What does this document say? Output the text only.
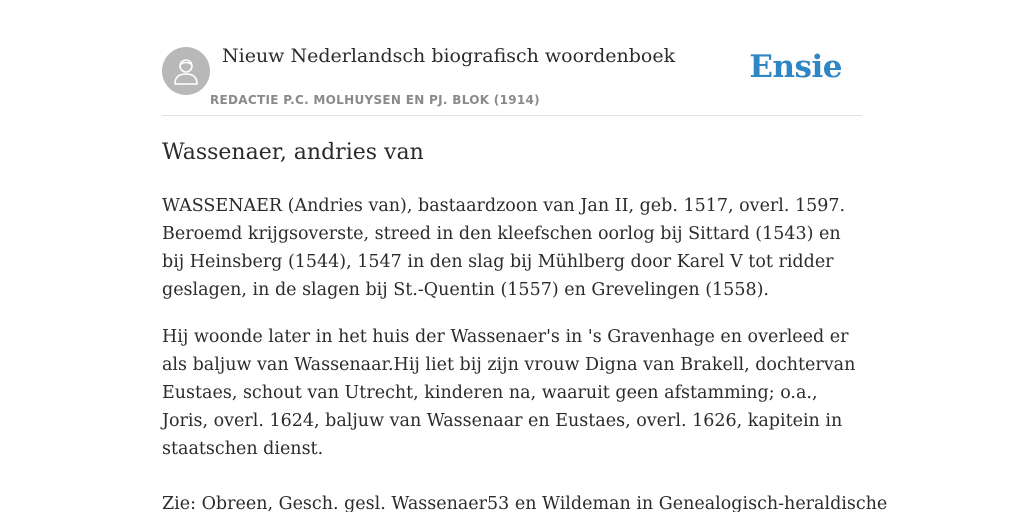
Nieuw Nederlandsch biografisch woordenboek
REDACTIE P.C. MOLHUYSEN EN PJ. BLOK (1914)
Ensie
Wassenaer, andries van

WASSENAER (Andries van), bastaardzoon van Jan II, geb. 1517, overl. 1597. Beroemd krijgsoverste, streed in den kleefschen oorlog bij Sittard (1543) en bij Heinsberg (1544), 1547 in den slag bij Mühlberg door Karel V tot ridder geslagen, in de slagen bij St.-Quentin (1557) en Grevelingen (1558).

Hij woonde later in het huis der Wassenaer's in 's Gravenhage en overleed er als baljuw van Wassenaar.Hij liet bij zijn vrouw Digna van Brakell, dochtervan Eustaes, schout van Utrecht, kinderen na, waaruit geen afstamming; o.a., Joris, overl. 1624, baljuw van Wassenaar en Eustaes, overl. 1626, kapitein in staatschen dienst.

Zie: Obreen, Gesch. gesl. Wassenaer53 en Wildeman in Genealogisch-heraldische
